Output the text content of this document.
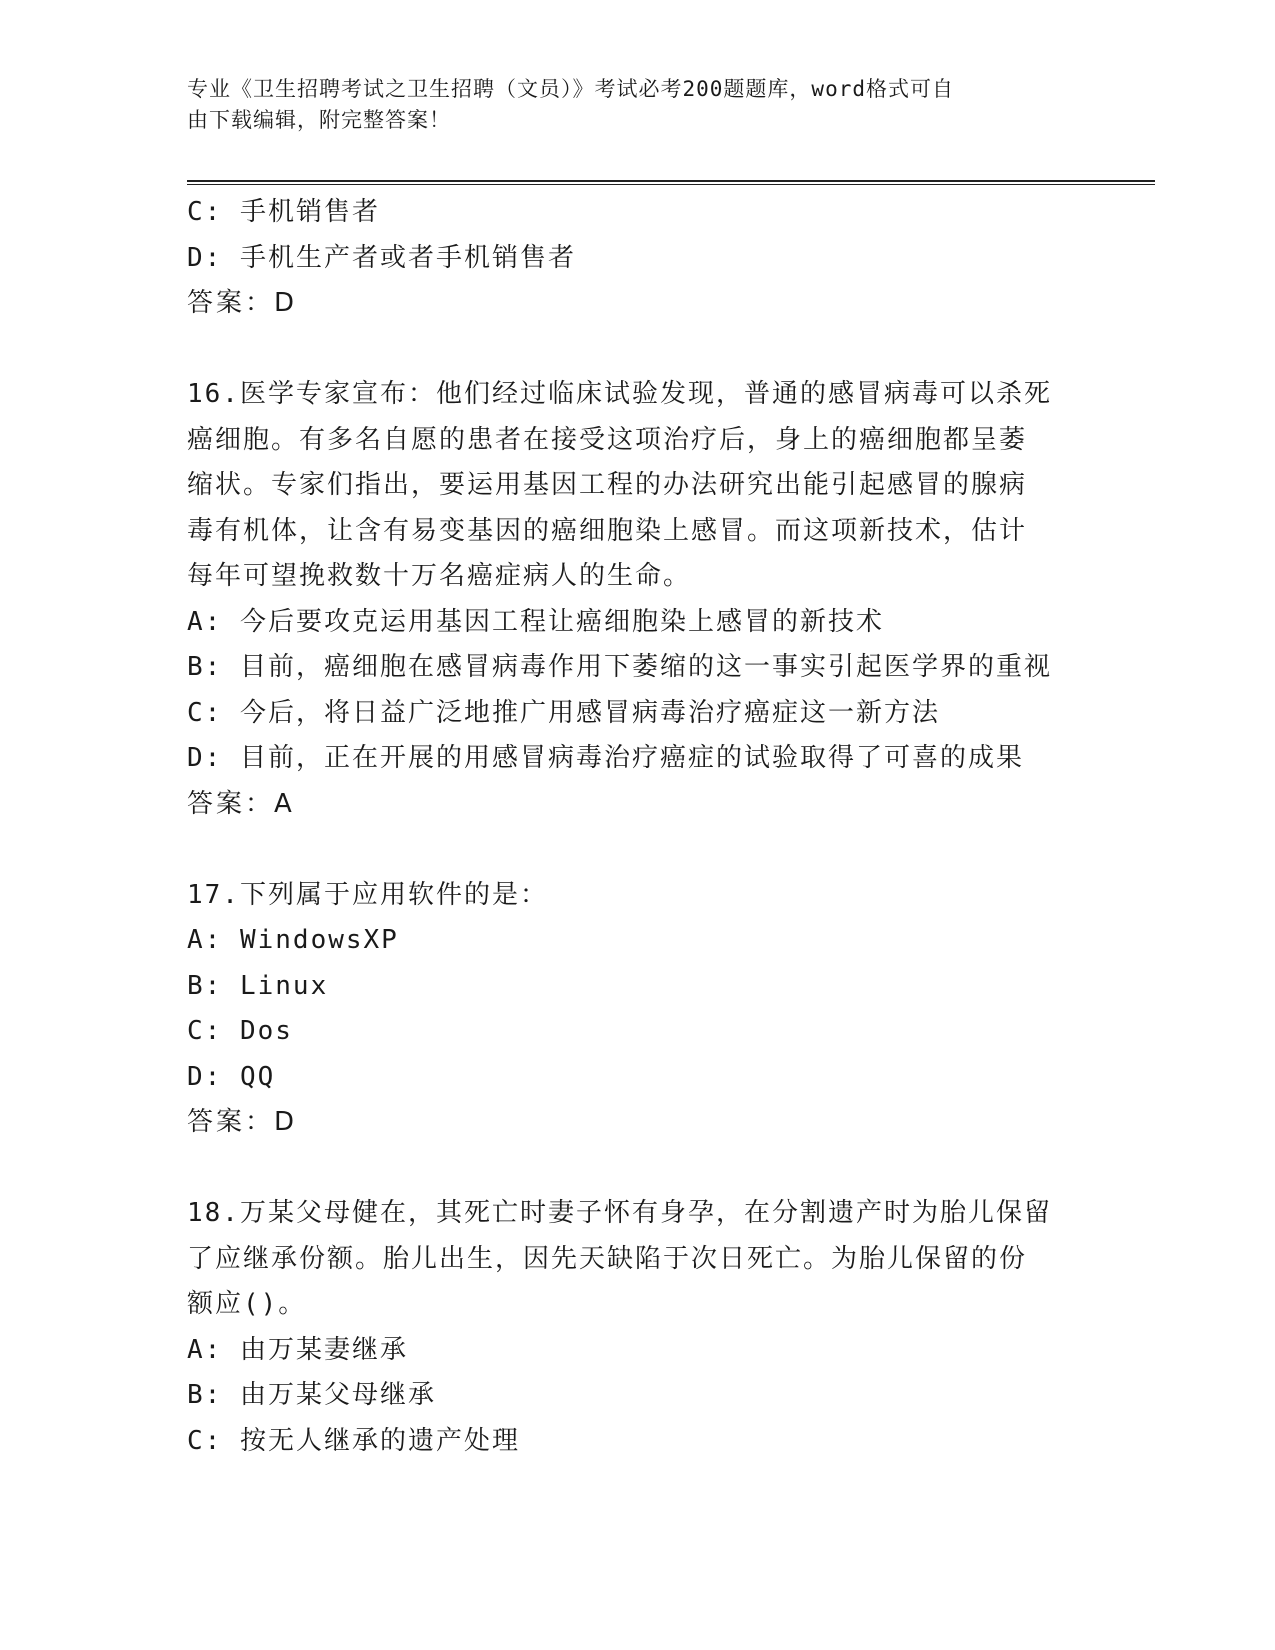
专业《卫生招聘考试之卫生招聘（文员）》考试必考200题题库，word格式可自
由下载编辑，附完整答案！
C: 手机销售者
D: 手机生产者或者手机销售者
答案：D
16.医学专家宣布：他们经过临床试验发现，普通的感冒病毒可以杀死
癌细胞。有多名自愿的患者在接受这项治疗后，身上的癌细胞都呈萎
缩状。专家们指出，要运用基因工程的办法研究出能引起感冒的腺病
毒有机体，让含有易变基因的癌细胞染上感冒。而这项新技术，估计
每年可望挽救数十万名癌症病人的生命。
A: 今后要攻克运用基因工程让癌细胞染上感冒的新技术
B: 目前，癌细胞在感冒病毒作用下萎缩的这一事实引起医学界的重视
C: 今后，将日益广泛地推广用感冒病毒治疗癌症这一新方法
D: 目前，正在开展的用感冒病毒治疗癌症的试验取得了可喜的成果
答案：A
17.下列属于应用软件的是：
A: WindowsXP
B: Linux
C: Dos
D: QQ
答案：D
18.万某父母健在，其死亡时妻子怀有身孕，在分割遗产时为胎儿保留
了应继承份额。胎儿出生，因先天缺陷于次日死亡。为胎儿保留的份
额应()。
A: 由万某妻继承
B: 由万某父母继承
C: 按无人继承的遗产处理
